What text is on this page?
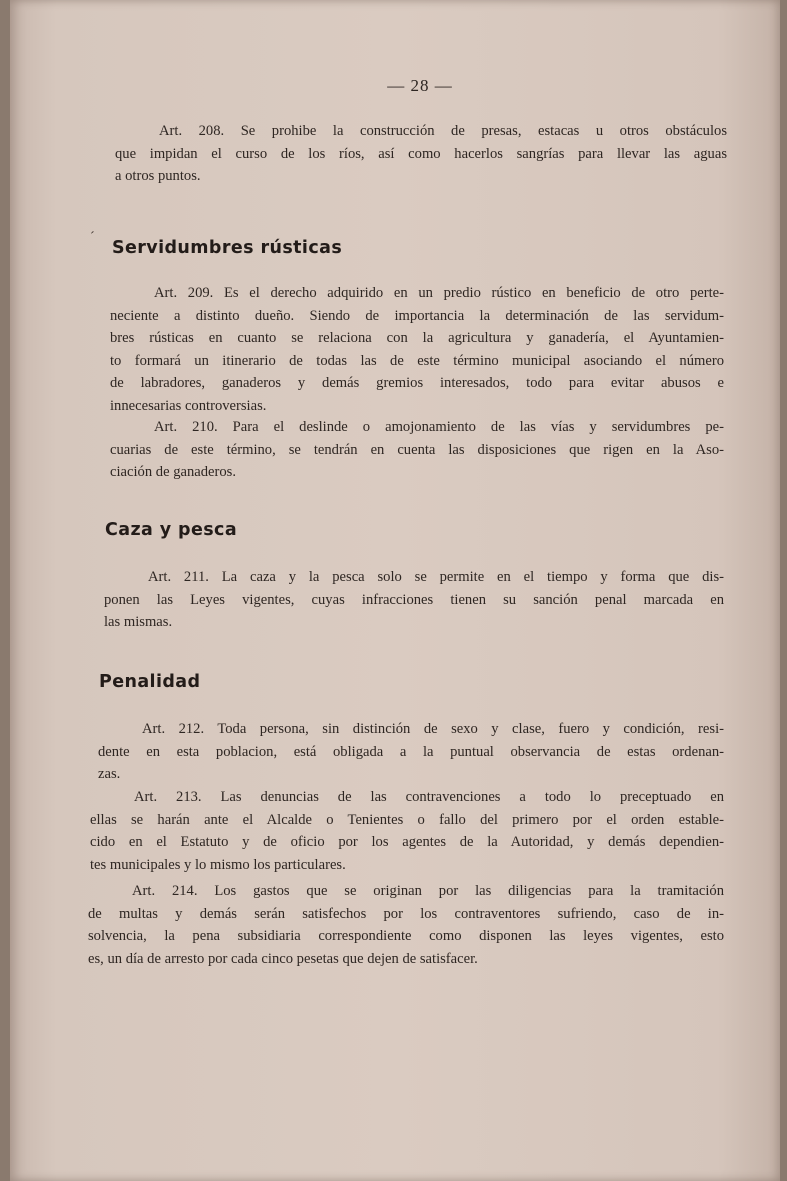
— 28 —
Art. 208. Se prohibe la construcción de presas, estacas u otros obstáculos
que impidan el curso de los ríos, así como hacerlos sangrías para llevar las aguas
a otros puntos.
´
Servidumbres rústicas
Art. 209. Es el derecho adquirido en un predio rústico en beneficio de otro perte-
neciente a distinto dueño. Siendo de importancia la determinación de las servidum-
bres rústicas en cuanto se relaciona con la agricultura y ganadería, el Ayuntamien-
to formará un itinerario de todas las de este término municipal asociando el número
de labradores, ganaderos y demás gremios interesados, todo para evitar abusos e
innecesarias controversias.
Art. 210. Para el deslinde o amojonamiento de las vías y servidumbres pe-
cuarias de este término, se tendrán en cuenta las disposiciones que rigen en la Aso-
ciación de ganaderos.
Caza y pesca
Art. 211. La caza y la pesca solo se permite en el tiempo y forma que dis-
ponen las Leyes vigentes, cuyas infracciones tienen su sanción penal marcada en
las mismas.
Penalidad
Art. 212. Toda persona, sin distinción de sexo y clase, fuero y condición, resi-
dente en esta poblacion, está obligada a la puntual observancia de estas ordenan-
zas.
Art. 213. Las denuncias de las contravenciones a todo lo preceptuado en
ellas se harán ante el Alcalde o Tenientes o fallo del primero por el orden estable-
cido en el Estatuto y de oficio por los agentes de la Autoridad, y demás dependien-
tes municipales y lo mismo los particulares.
Art. 214. Los gastos que se originan por las diligencias para la tramitación
de multas y demás serán satisfechos por los contraventores sufriendo, caso de in-
solvencia, la pena subsidiaria correspondiente como disponen las leyes vigentes, esto
es, un día de arresto por cada cinco pesetas que dejen de satisfacer.
